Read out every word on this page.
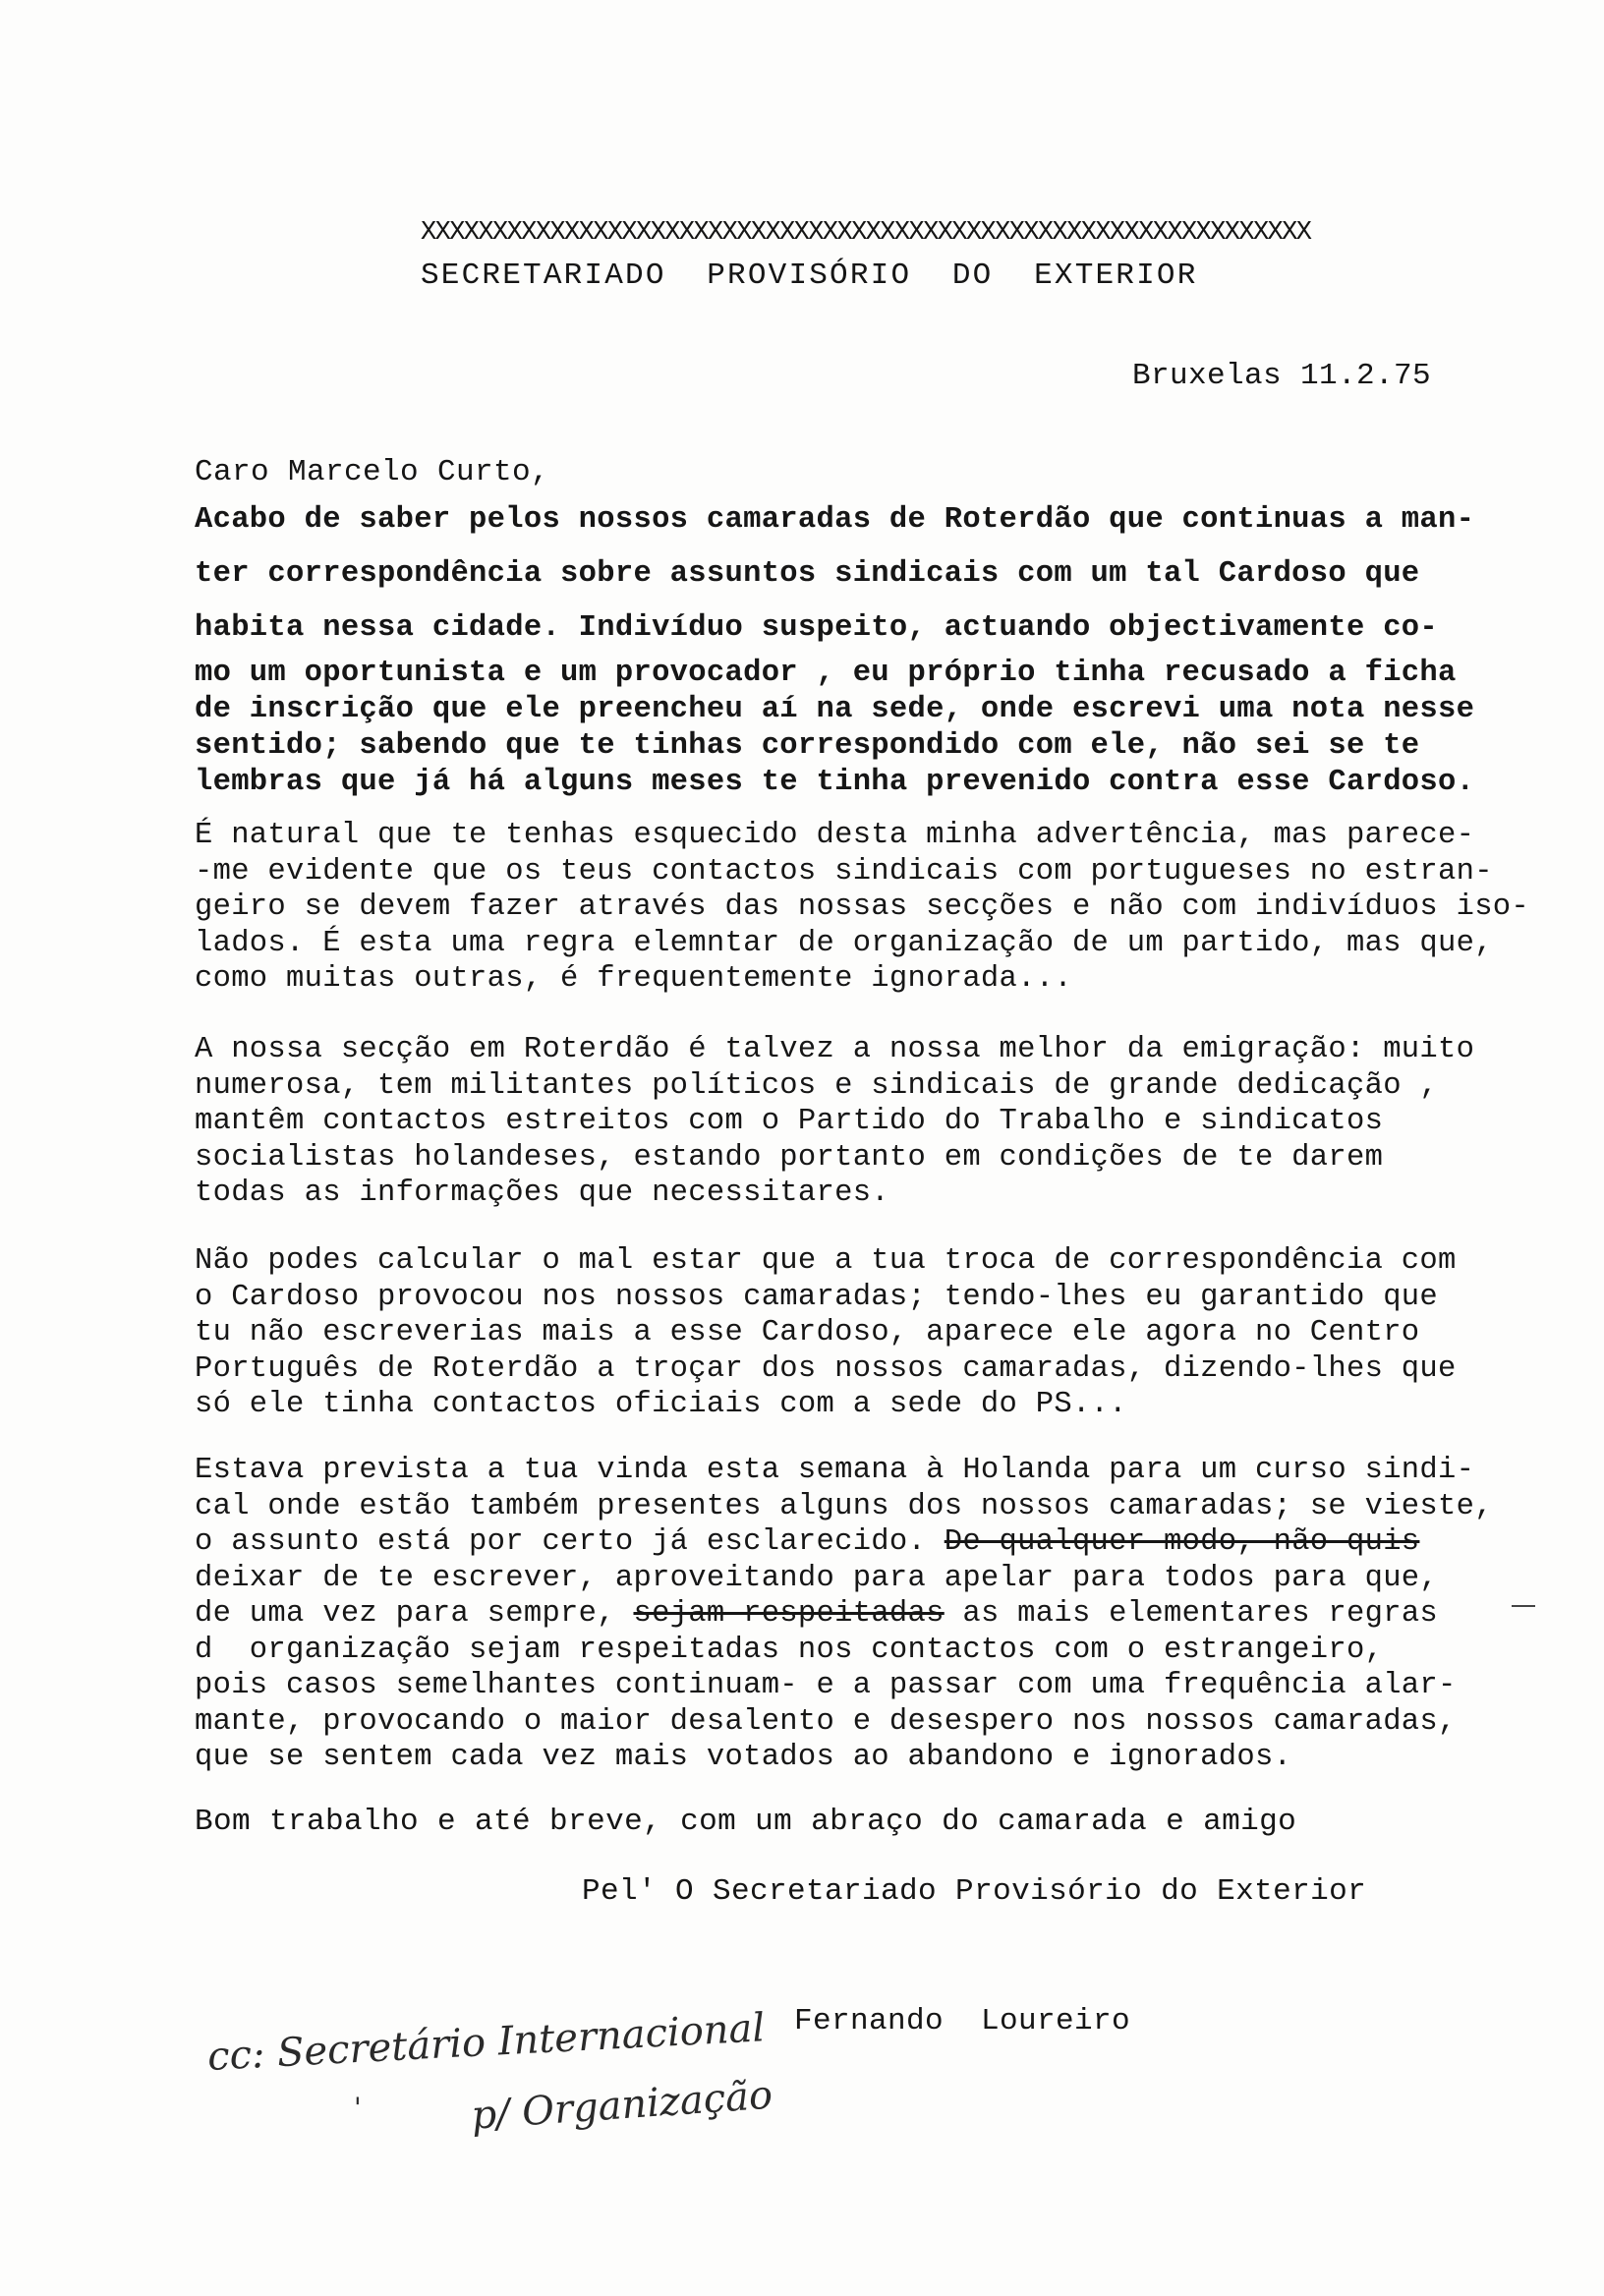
XXXXXXXXXXXXXXXXXXXXXXXXXXXXXXXXXXXXXXXXXXXXXXXXXXXXXXXXXXXXXX
SECRETARIADO  PROVISÓRIO  DO  EXTERIOR
Bruxelas 11.2.75
Caro Marcelo Curto,
Acabo de saber pelos nossos camaradas de Roterdão que continuas a man-
ter correspondência sobre assuntos sindicais com um tal Cardoso que
habita nessa cidade. Indivíduo suspeito, actuando objectivamente co-
mo um oportunista e um provocador , eu próprio tinha recusado a ficha
de inscrição que ele preencheu aí na sede, onde escrevi uma nota nesse
sentido; sabendo que te tinhas correspondido com ele, não sei se te
lembras que já há alguns meses te tinha prevenido contra esse Cardoso.
É natural que te tenhas esquecido desta minha advertência, mas parece-
-me evidente que os teus contactos sindicais com portugueses no estran-
geiro se devem fazer através das nossas secções e não com indivíduos iso-
lados. É esta uma regra elemntar de organização de um partido, mas que,
como muitas outras, é frequentemente ignorada...
A nossa secção em Roterdão é talvez a nossa melhor da emigração: muito
numerosa, tem militantes políticos e sindicais de grande dedicação ,
mantêm contactos estreitos com o Partido do Trabalho e sindicatos
socialistas holandeses, estando portanto em condições de te darem
todas as informações que necessitares.
Não podes calcular o mal estar que a tua troca de correspondência com
o Cardoso provocou nos nossos camaradas; tendo-lhes eu garantido que
tu não escreverias mais a esse Cardoso, aparece ele agora no Centro
Português de Roterdão a troçar dos nossos camaradas, dizendo-lhes que
só ele tinha contactos oficiais com a sede do PS...
Estava prevista a tua vinda esta semana à Holanda para um curso sindi-
cal onde estão também presentes alguns dos nossos camaradas; se vieste,
o assunto está por certo já esclarecido. De qualquer modo, não quis
deixar de te escrever, aproveitando para apelar para todos para que,
de uma vez para sempre, sejam respeitadas as mais elementares regras
d  organização sejam respeitadas nos contactos com o estrangeiro,
pois casos semelhantes continuam- e a passar com uma frequência alar-
mante, provocando o maior desalento e desespero nos nossos camaradas,
que se sentem cada vez mais votados ao abandono e ignorados.
Bom trabalho e até breve, com um abraço do camarada e amigo
Pel' O Secretariado Provisório do Exterior
Fernando  Loureiro
cc: Secretário Internacional
'	p/ Organização
